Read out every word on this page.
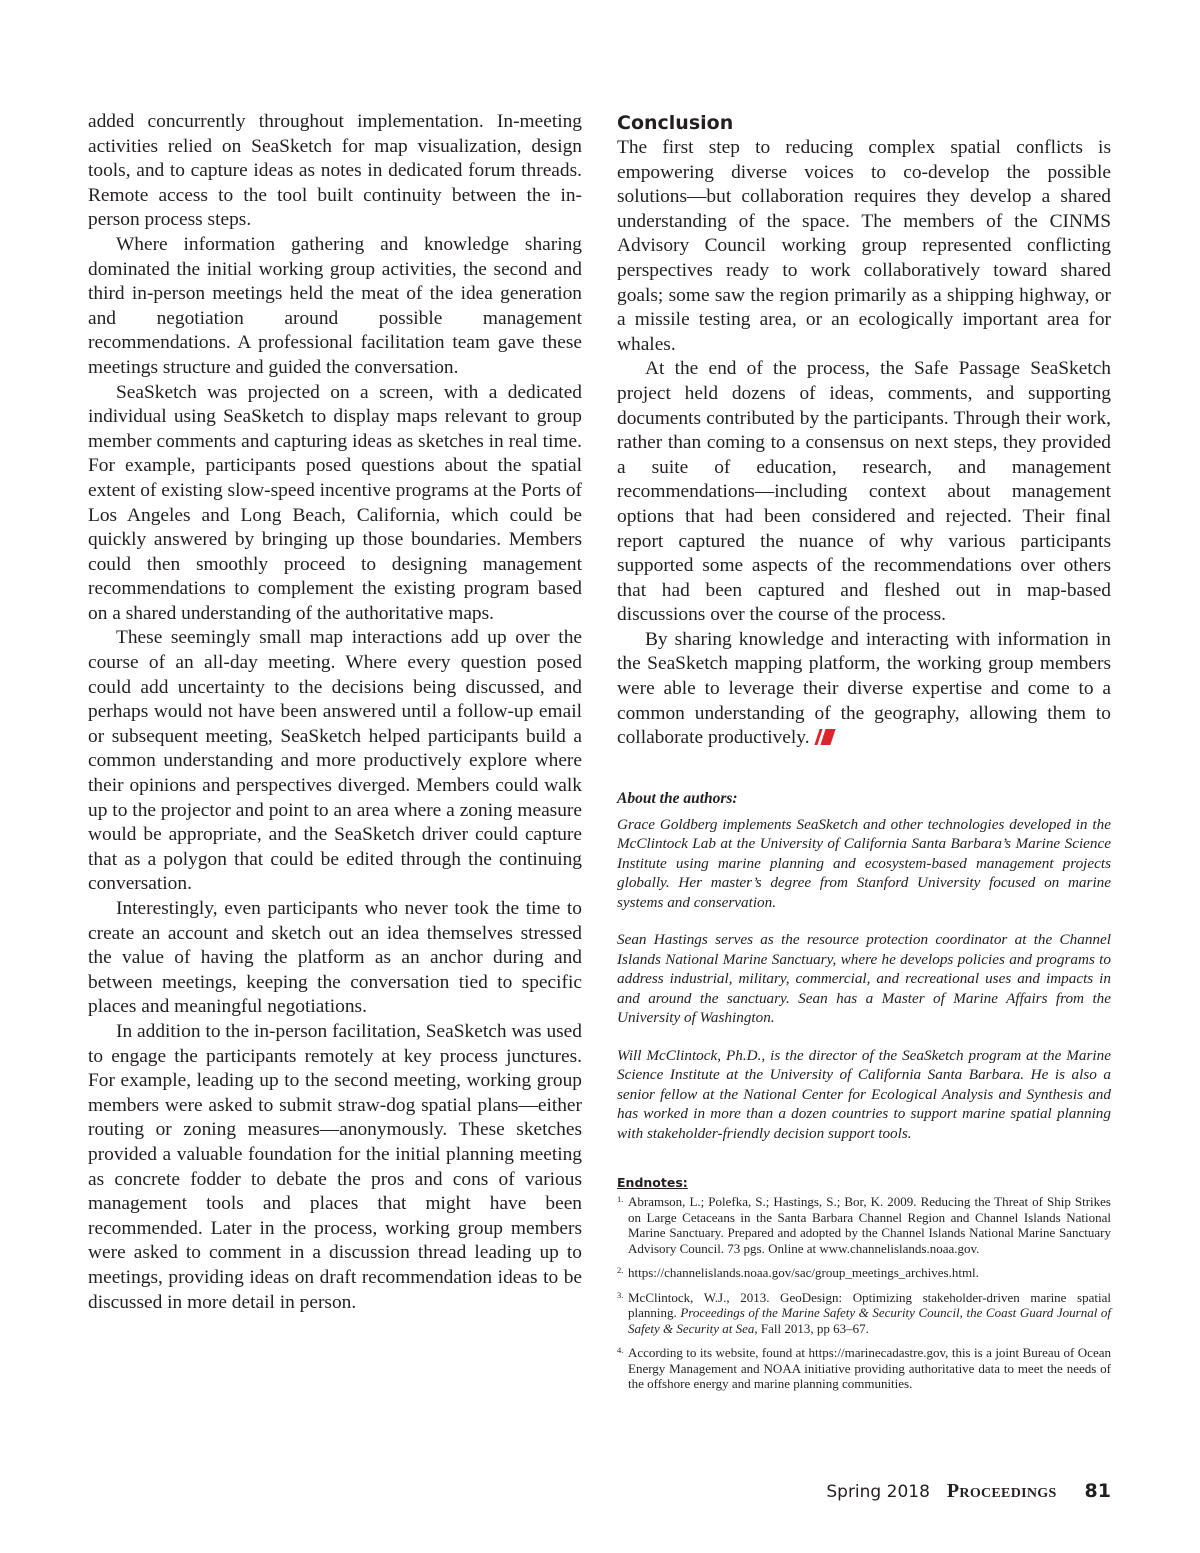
added concurrently throughout implementation. In-meeting activities relied on SeaSketch for map visualization, design tools, and to capture ideas as notes in dedicated forum threads. Remote access to the tool built continuity between the in-person process steps.

Where information gathering and knowledge sharing dominated the initial working group activities, the second and third in-person meetings held the meat of the idea generation and negotiation around possible management recommendations. A professional facilitation team gave these meetings structure and guided the conversation.

SeaSketch was projected on a screen, with a dedicated individual using SeaSketch to display maps relevant to group member comments and capturing ideas as sketches in real time. For example, participants posed questions about the spatial extent of existing slow-speed incentive programs at the Ports of Los Angeles and Long Beach, California, which could be quickly answered by bringing up those boundaries. Members could then smoothly proceed to designing management recommendations to complement the existing program based on a shared understanding of the authoritative maps.

These seemingly small map interactions add up over the course of an all-day meeting. Where every question posed could add uncertainty to the decisions being discussed, and perhaps would not have been answered until a follow-up email or subsequent meeting, SeaSketch helped participants build a common understanding and more productively explore where their opinions and perspectives diverged. Members could walk up to the projector and point to an area where a zoning measure would be appropriate, and the SeaSketch driver could capture that as a polygon that could be edited through the continuing conversation.

Interestingly, even participants who never took the time to create an account and sketch out an idea themselves stressed the value of having the platform as an anchor during and between meetings, keeping the conversation tied to specific places and meaningful negotiations.

In addition to the in-person facilitation, SeaSketch was used to engage the participants remotely at key process junctures. For example, leading up to the second meeting, working group members were asked to submit straw-dog spatial plans—either routing or zoning measures—anonymously. These sketches provided a valuable foundation for the initial planning meeting as concrete fodder to debate the pros and cons of various management tools and places that might have been recommended. Later in the process, working group members were asked to comment in a discussion thread leading up to meetings, providing ideas on draft recommendation ideas to be discussed in more detail in person.

Conclusion

The first step to reducing complex spatial conflicts is empowering diverse voices to co-develop the possible solutions—but collaboration requires they develop a shared understanding of the space. The members of the CINMS Advisory Council working group represented conflicting perspectives ready to work collaboratively toward shared goals; some saw the region primarily as a shipping highway, or a missile testing area, or an ecologically important area for whales.

At the end of the process, the Safe Passage SeaSketch project held dozens of ideas, comments, and supporting documents contributed by the participants. Through their work, rather than coming to a consensus on next steps, they provided a suite of education, research, and management recommendations—including context about management options that had been considered and rejected. Their final report captured the nuance of why various participants supported some aspects of the recommendations over others that had been captured and fleshed out in map-based discussions over the course of the process.

By sharing knowledge and interacting with information in the SeaSketch mapping platform, the working group members were able to leverage their diverse expertise and come to a common understanding of the geography, allowing them to collaborate productively.

About the authors:

Grace Goldberg implements SeaSketch and other technologies developed in the McClintock Lab at the University of California Santa Barbara’s Marine Science Institute using marine planning and ecosystem-based management projects globally. Her master’s degree from Stanford University focused on marine systems and conservation.

Sean Hastings serves as the resource protection coordinator at the Channel Islands National Marine Sanctuary, where he develops policies and programs to address industrial, military, commercial, and recreational uses and impacts in and around the sanctuary. Sean has a Master of Marine Affairs from the University of Washington.

Will McClintock, Ph.D., is the director of the SeaSketch program at the Marine Science Institute at the University of California Santa Barbara. He is also a senior fellow at the National Center for Ecological Analysis and Synthesis and has worked in more than a dozen countries to support marine spatial planning with stakeholder-friendly decision support tools.

Endnotes:

1. Abramson, L.; Polefka, S.; Hastings, S.; Bor, K. 2009. Reducing the Threat of Ship Strikes on Large Cetaceans in the Santa Barbara Channel Region and Channel Islands National Marine Sanctuary. Prepared and adopted by the Channel Islands National Marine Sanctuary Advisory Council. 73 pgs. Online at www.channelislands.noaa.gov.

2. https://channelislands.noaa.gov/sac/group_meetings_archives.html.

3. McClintock, W.J., 2013. GeoDesign: Optimizing stakeholder-driven marine spatial planning. Proceedings of the Marine Safety & Security Council, the Coast Guard Journal of Safety & Security at Sea, Fall 2013, pp 63–67.

4. According to its website, found at https://marinecadastre.gov, this is a joint Bureau of Ocean Energy Management and NOAA initiative providing authoritative data to meet the needs of the offshore energy and marine planning communities.

Spring 2018 Proceedings 81
